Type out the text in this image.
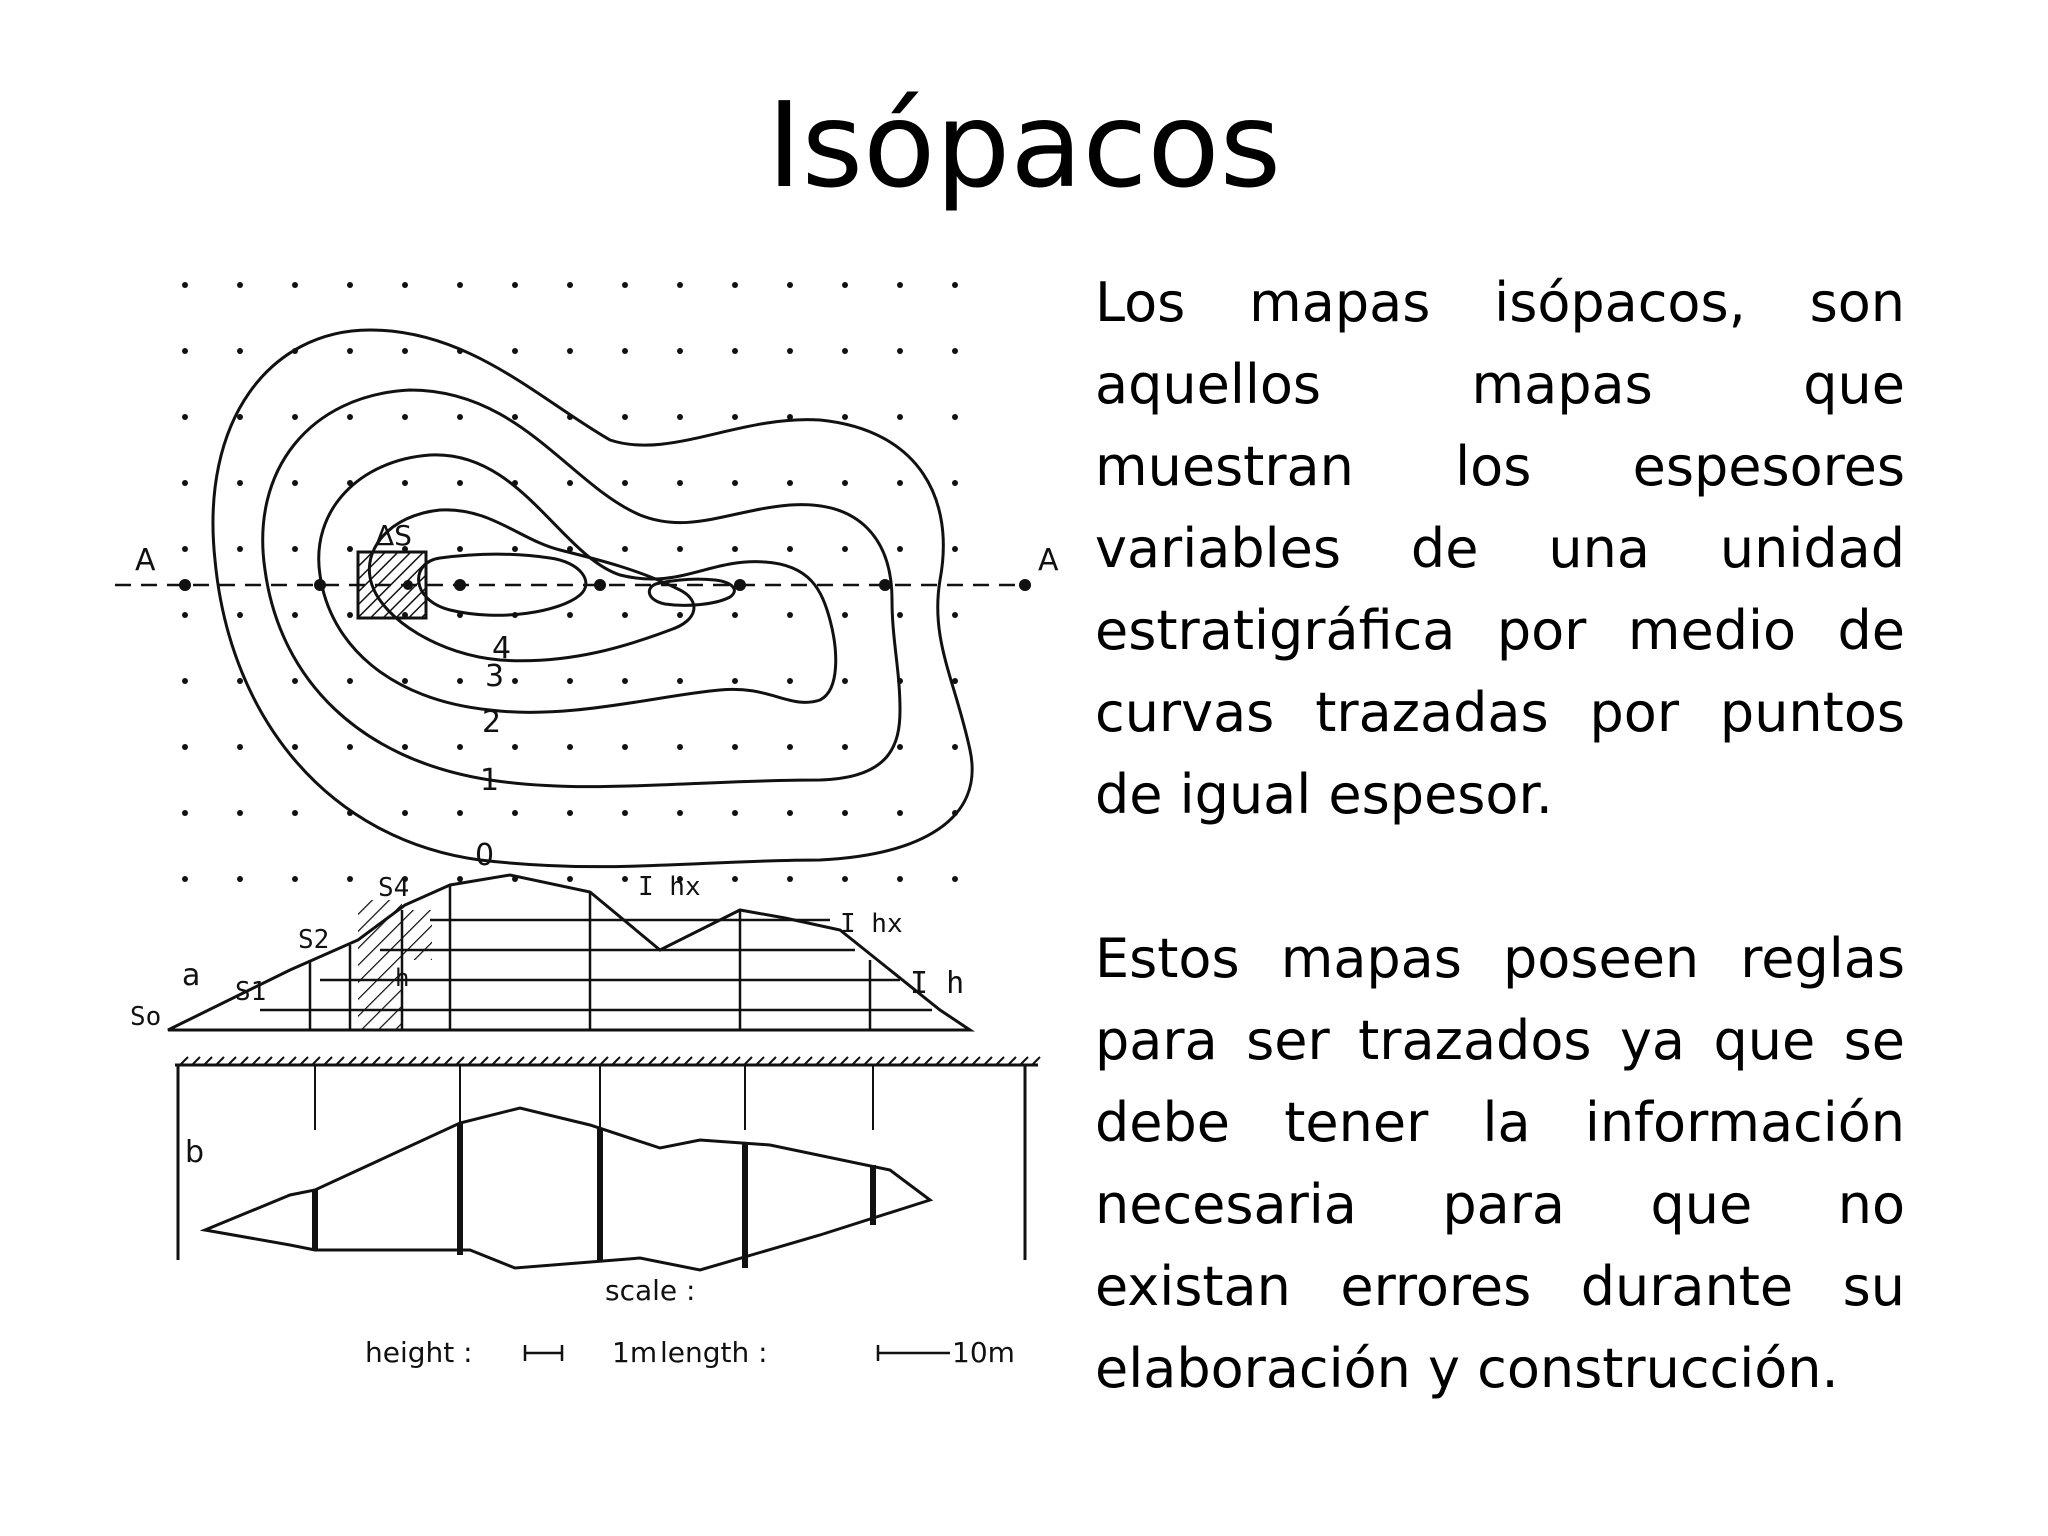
Isópacos
A	A
ΔS
4
3
2
1
0
a
So
S1
S2
S4	I hx
I hx
I h
h
b
scale :
height :	1m length :	10m

Los mapas isópacos, son aquellos mapas que muestran los espesores variables de una unidad estratigráfica por medio de curvas trazadas por puntos de igual espesor.

Estos mapas poseen reglas para ser trazados ya que se debe tener la información necesaria para que no existan errores durante su elaboración y construcción.
